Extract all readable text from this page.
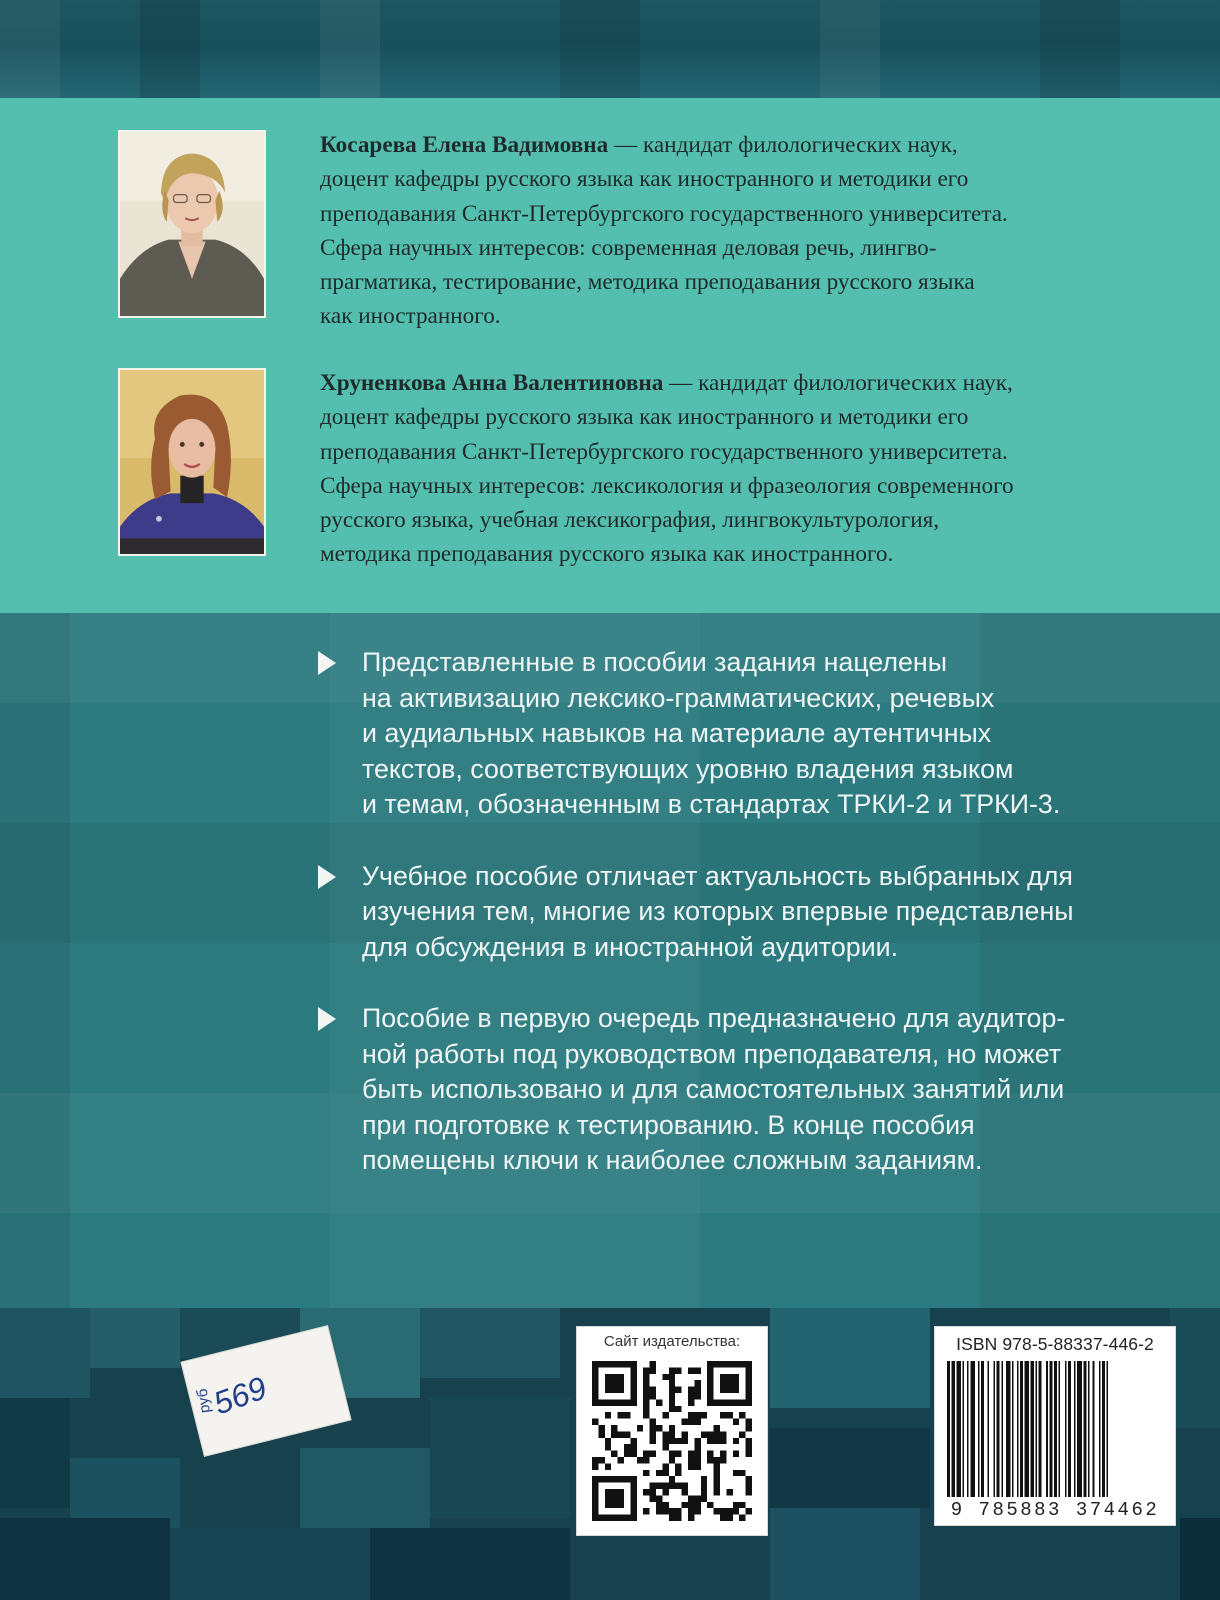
Косарева Елена Вадимовна — кандидат филологических наук,

доцент кафедры русского языка как иностранного и методики его

преподавания Санкт-Петербургского государственного университета.

Сфера научных интересов: современная деловая речь, лингво-

прагматика, тестирование, методика преподавания русского языка

как иностранного.

Хруненкова Анна Валентиновна — кандидат филологических наук,

доцент кафедры русского языка как иностранного и методики его

преподавания Санкт-Петербургского государственного университета.

Сфера научных интересов: лексикология и фразеология современного

русского языка, учебная лексикография, лингвокультурология,

методика преподавания русского языка как иностранного.

Представленные в пособии задания нацелены
на активизацию лексико-грамматических, речевых
и аудиальных навыков на материале аутентичных
текстов, соответствующих уровню владения языком
и темам, обозначенным в стандартах ТРКИ-2 и ТРКИ-3.
Учебное пособие отличает актуальность выбранных для
изучения тем, многие из которых впервые представлены
для обсуждения в иностранной аудитории.
Пособие в первую очередь предназначено для аудитор-
ной работы под руководством преподавателя, но может
быть использовано и для самостоятельных занятий или
при подготовке к тестированию. В конце пособия
помещены ключи к наиболее сложным заданиям.
руб
569
Сайт издательства:	ISBN 978-5-88337-446-2
9 785883 374462
